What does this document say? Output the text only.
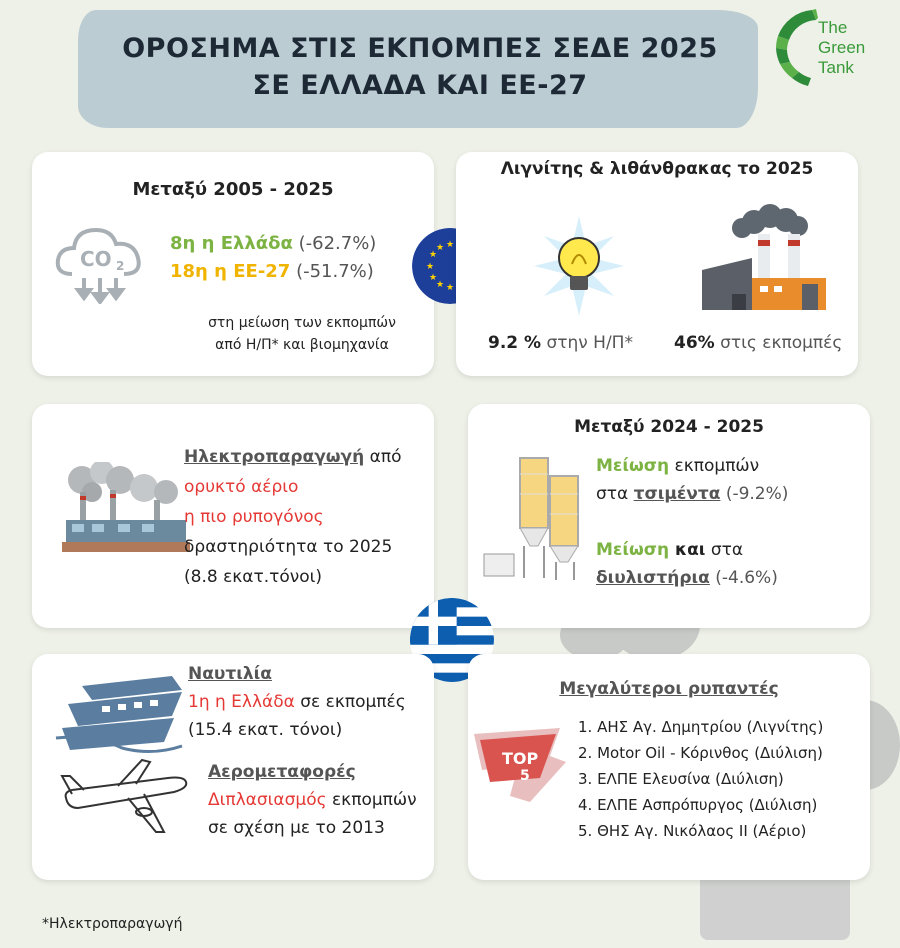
ΟΡΟΣΗΜΑ ΣΤΙΣ ΕΚΠΟΜΠΕΣ ΣΕΔΕ 2025
ΣΕ ΕΛΛΑΔΑ ΚΑΙ ΕΕ-27
The
Green
Tank
Μεταξύ 2005 - 2025
CO 2
8η η Ελλάδα (-62.7%)
18η η ΕΕ-27 (-51.7%)
στη μείωση των εκπομπών
από Η/Π* και βιομηχανία
★
★
★
★
★
★
★
Λιγνίτης & λιθάνθρακας το 2025
9.2 % στην Η/Π* 46% στις εκπομπές
Ηλεκτροπαραγωγή από
ορυκτό αέριο
η πιο ρυπογόνος
δραστηριότητα το 2025
(8.8 εκατ.τόνοι)
Μεταξύ 2024 - 2025
Μείωση εκπομπών
στα τσιμέντα (-9.2%)
Μείωση και στα
διυλιστήρια (-4.6%)
Ναυτιλία
1η η Ελλάδα σε εκπομπές
(15.4 εκατ. τόνοι)
Αερομεταφορές
Διπλασιασμός εκπομπών
σε σχέση με το 2013
Μεγαλύτεροι ρυπαντές
TOP
5
1. ΑΗΣ Αγ. Δημητρίου (Λιγνίτης)
2. Motor Oil - Κόρινθος (Διύλιση)
3. ΕΛΠΕ Ελευσίνα (Διύλιση)
4. ΕΛΠΕ Ασπρόπυργος (Διύλιση)
5. ΘΗΣ Αγ. Νικόλαος ΙΙ (Αέριο)
*Ηλεκτροπαραγωγή
